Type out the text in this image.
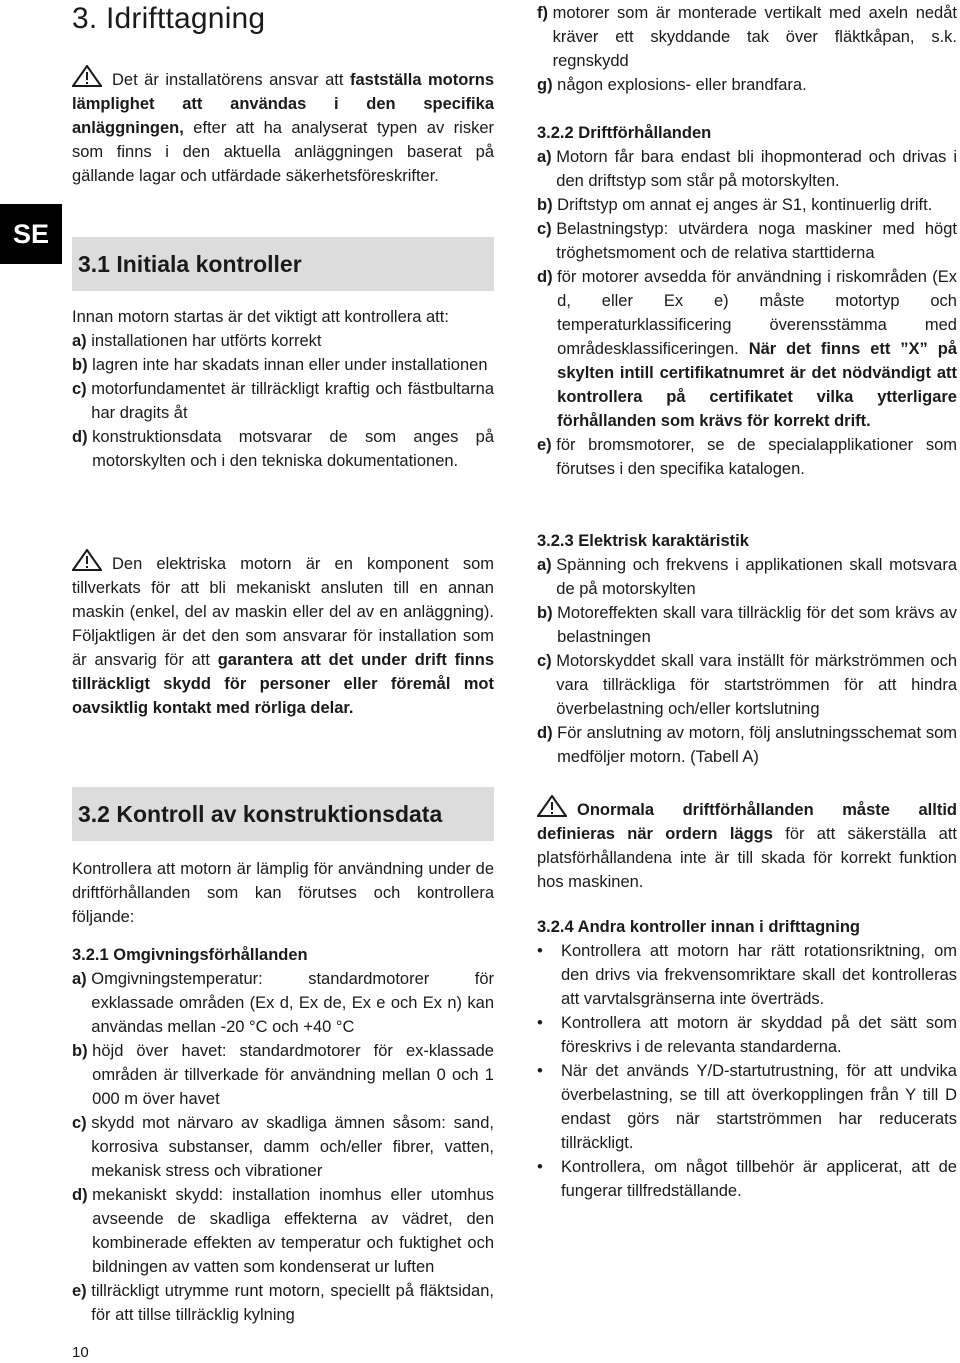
3. Idrifttagning
SE

Det är installatörens ansvar att fastställa motorns lämplighet att användas i den specifika anläggningen, efter att ha analyserat typen av risker som finns i den aktuella anläggningen baserat på gällande lagar och utfärdade säkerhetsföreskrifter.

3.1 Initiala kontroller

Innan motorn startas är det viktigt att kontrollera att:

a) installationen har utförts korrekt
b) lagren inte har skadats innan eller under installationen
c) motorfundamentet är tillräckligt kraftig och fästbultarna har dragits åt
d) konstruktionsdata motsvarar de som anges på motorskylten och i den tekniska dokumentationen.

Den elektriska motorn är en komponent som tillverkats för att bli mekaniskt ansluten till en annan maskin (enkel, del av maskin eller del av en anläggning). Följaktligen är det den som ansvarar för installation som är ansvarig för att garantera att det under drift finns tillräckligt skydd för personer eller föremål mot oavsiktlig kontakt med rörliga delar.

3.2 Kontroll av konstruktionsdata

Kontrollera att motorn är lämplig för användning under de driftförhållanden som kan förutses och kontrollera följande:

3.2.1 Omgivningsförhållanden

a) Omgivningstemperatur: standardmotorer för exklassade områden (Ex d, Ex de, Ex e och Ex n) kan användas mellan -20 °C och +40 °C
b) höjd över havet: standardmotorer för ex-klassade områden är tillverkade för användning mellan 0 och 1 000 m över havet
c) skydd mot närvaro av skadliga ämnen såsom: sand, korrosiva substanser, damm och/eller fibrer, vatten, mekanisk stress och vibrationer
d) mekaniskt skydd: installation inomhus eller utomhus avseende de skadliga effekterna av vädret, den kombinerade effekten av temperatur och fuktighet och bildningen av vatten som kondenserat ur luften
e) tillräckligt utrymme runt motorn, speciellt på fläktsidan, för att tillse tillräcklig kylning
10
f) motorer som är monterade vertikalt med axeln nedåt kräver ett skyddande tak över fläktkåpan, s.k. regnskydd
g) någon explosions- eller brandfara.

3.2.2 Driftförhållanden

a) Motorn får bara endast bli ihopmonterad och drivas i den driftstyp som står på motorskylten.
b) Driftstyp om annat ej anges är S1, kontinuerlig drift.
c) Belastningstyp: utvärdera noga maskiner med högt tröghetsmoment och de relativa starttiderna
d) för motorer avsedda för användning i riskområden (Ex d, eller Ex e) måste motortyp och temperaturklassificering överensstämma med områdesklassificeringen. När det finns ett ”X” på skylten intill certifikatnumret är det nödvändigt att kontrollera på certifikatet vilka ytterligare förhållanden som krävs för korrekt drift.
e) för bromsmotorer, se de specialapplikationer som förutses i den specifika katalogen.

3.2.3 Elektrisk karaktäristik

a) Spänning och frekvens i applikationen skall motsvara de på motorskylten
b) Motoreffekten skall vara tillräcklig för det som krävs av belastningen
c) Motorskyddet skall vara inställt för märkströmmen och vara tillräckliga för startströmmen för att hindra överbelastning och/eller kortslutning
d) För anslutning av motorn, följ anslutningsschemat som medföljer motorn. (Tabell A)

Onormala driftförhållanden måste alltid definieras när ordern läggs för att säkerställa att platsförhållandena inte är till skada för korrekt funktion hos maskinen.

3.2.4 Andra kontroller innan i drifttagning

•	Kontrollera att motorn har rätt rotationsriktning, om den drivs via frekvensomriktare skall det kontrolleras att varvtalsgränserna inte överträds.
•	Kontrollera att motorn är skyddad på det sätt som föreskrivs i de relevanta standarderna.
•	När det används Y/D-startutrustning, för att undvika överbelastning, se till att överkopplingen från Y till D endast görs när startströmmen har reducerats tillräckligt.
•	Kontrollera, om något tillbehör är applicerat, att de fungerar tillfredställande.
